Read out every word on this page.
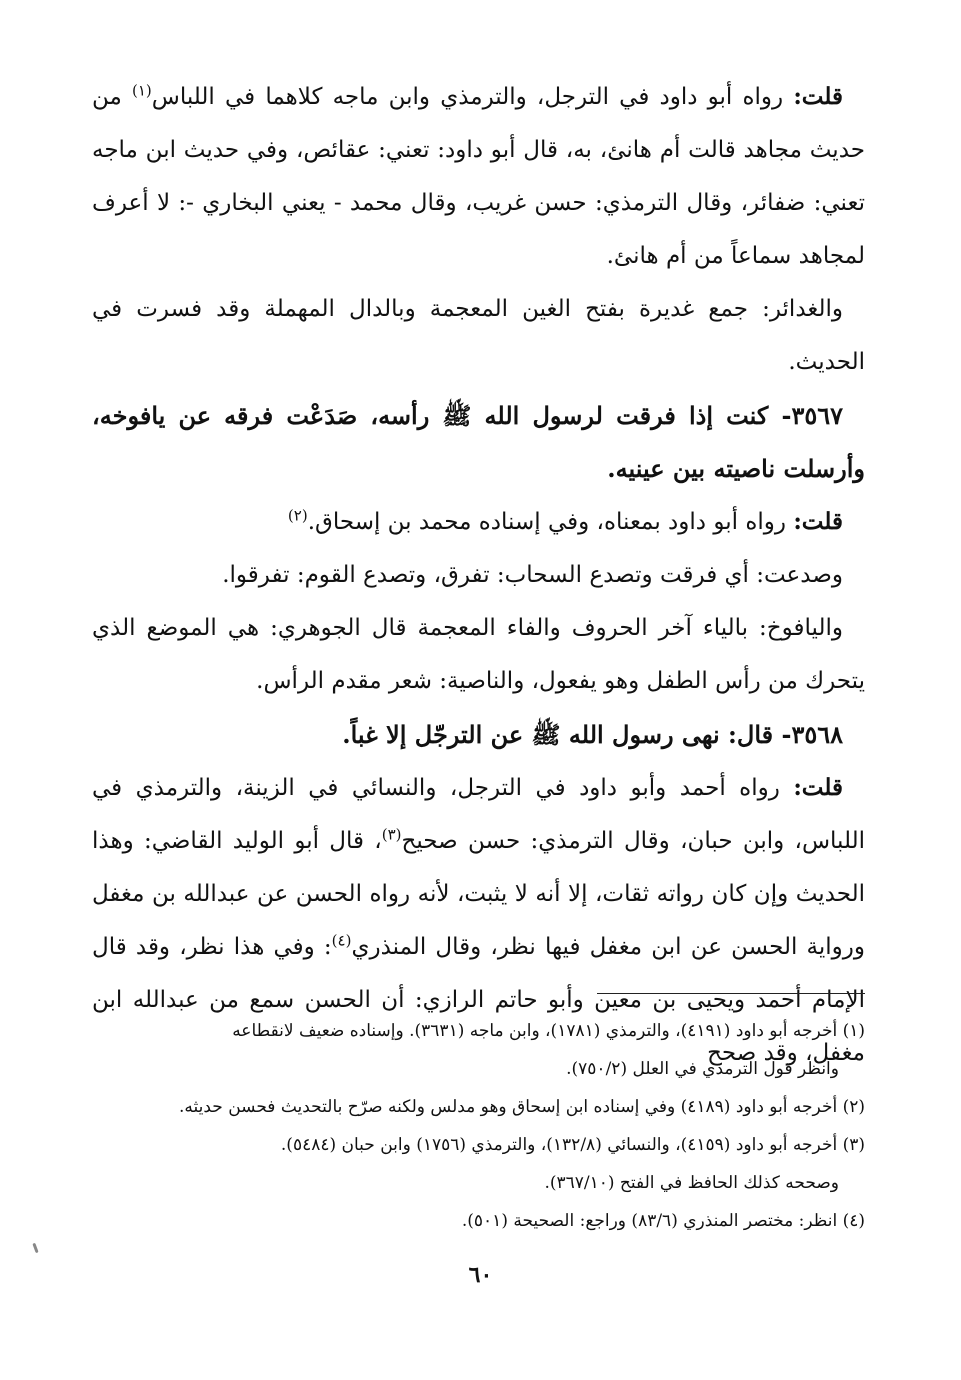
قلت: رواه أبو داود في الترجل، والترمذي وابن ماجه كلاهما في اللباس$^{(١)}$ من حديث مجاهد قالت أم هانئ، به، قال أبو داود: تعني: عقائص، وفي حديث ابن ماجه تعني: ضفائر، وقال الترمذي: حسن غريب، وقال محمد - يعني البخاري -: لا أعرف لمجاهد سماعاً من أم هانئ.

والغدائر: جمع غديرة بفتح الغين المعجمة وبالدال المهملة وقد فسرت في الحديث.

٣٥٦٧- كنت إذا فرقت لرسول الله ﷺ رأسه، صَدَعْت فرقه عن يافوخه، وأرسلت ناصيته بين عينيه.

قلت: رواه أبو داود بمعناه، وفي إسناده محمد بن إسحاق.$^{(٢)}$

وصدعت: أي فرقت وتصدع السحاب: تفرق، وتصدع القوم: تفرقوا.

واليافوخ: بالياء آخر الحروف والفاء المعجمة قال الجوهري: هي الموضع الذي يتحرك من رأس الطفل وهو يفعول، والناصية: شعر مقدم الرأس.

٣٥٦٨- قال: نهى رسول الله ﷺ عن الترجّل إلا غباً.

قلت: رواه أحمد وأبو داود في الترجل، والنسائي في الزينة، والترمذي في اللباس، وابن حبان، وقال الترمذي: حسن صحيح$^{(٣)}$، قال أبو الوليد القاضي: وهذا الحديث وإن كان رواته ثقات، إلا أنه لا يثبت، لأنه رواه الحسن عن عبدالله بن مغفل ورواية الحسن عن ابن مغفل فيها نظر، وقال المنذري$^{(٤)}$: وفي هذا نظر، وقد قال الإمام أحمد ويحيى بن معين وأبو حاتم الرازي: أن الحسن سمع من عبدالله ابن مغفل، وقد صحح

(١) أخرجه أبو داود (٤١٩١)، والترمذي (١٧٨١)، وابن ماجه (٣٦٣١). وإسناده ضعيف لانقطاعه

وانظر قول الترمذي في العلل (٧٥٠/٢).

(٢) أخرجه أبو داود (٤١٨٩) وفي إسناده ابن إسحاق وهو مدلس ولكنه صرّح بالتحديث فحسن حديثه.

(٣) أخرجه أبو داود (٤١٥٩)، والنسائي (١٣٢/٨)، والترمذي (١٧٥٦) وابن حبان (٥٤٨٤).

وصححه كذلك الحافظ في الفتح (٣٦٧/١٠).

(٤) انظر: مختصر المنذري (٨٣/٦) وراجع: الصحيحة (٥٠١).

٦٠
